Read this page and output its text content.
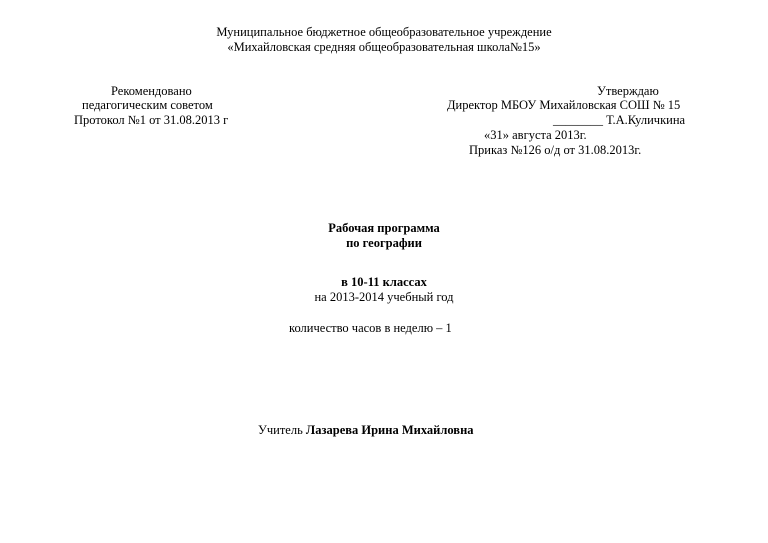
Муниципальное бюджетное общеобразовательное учреждение
«Михайловская средняя общеобразовательная школа№15»
Рекомендовано
педагогическим советом
Протокол №1 от 31.08.2013 г
Утверждаю
Директор МБОУ Михайловская СОШ № 15
________ Т.А.Куличкина
«31» августа 2013г.
Приказ №126 о/д от 31.08.2013г.
Рабочая программа
по географии
в 10-11 классах
на 2013-2014 учебный год
количество часов в неделю – 1
Учитель Лазарева Ирина Михайловна
